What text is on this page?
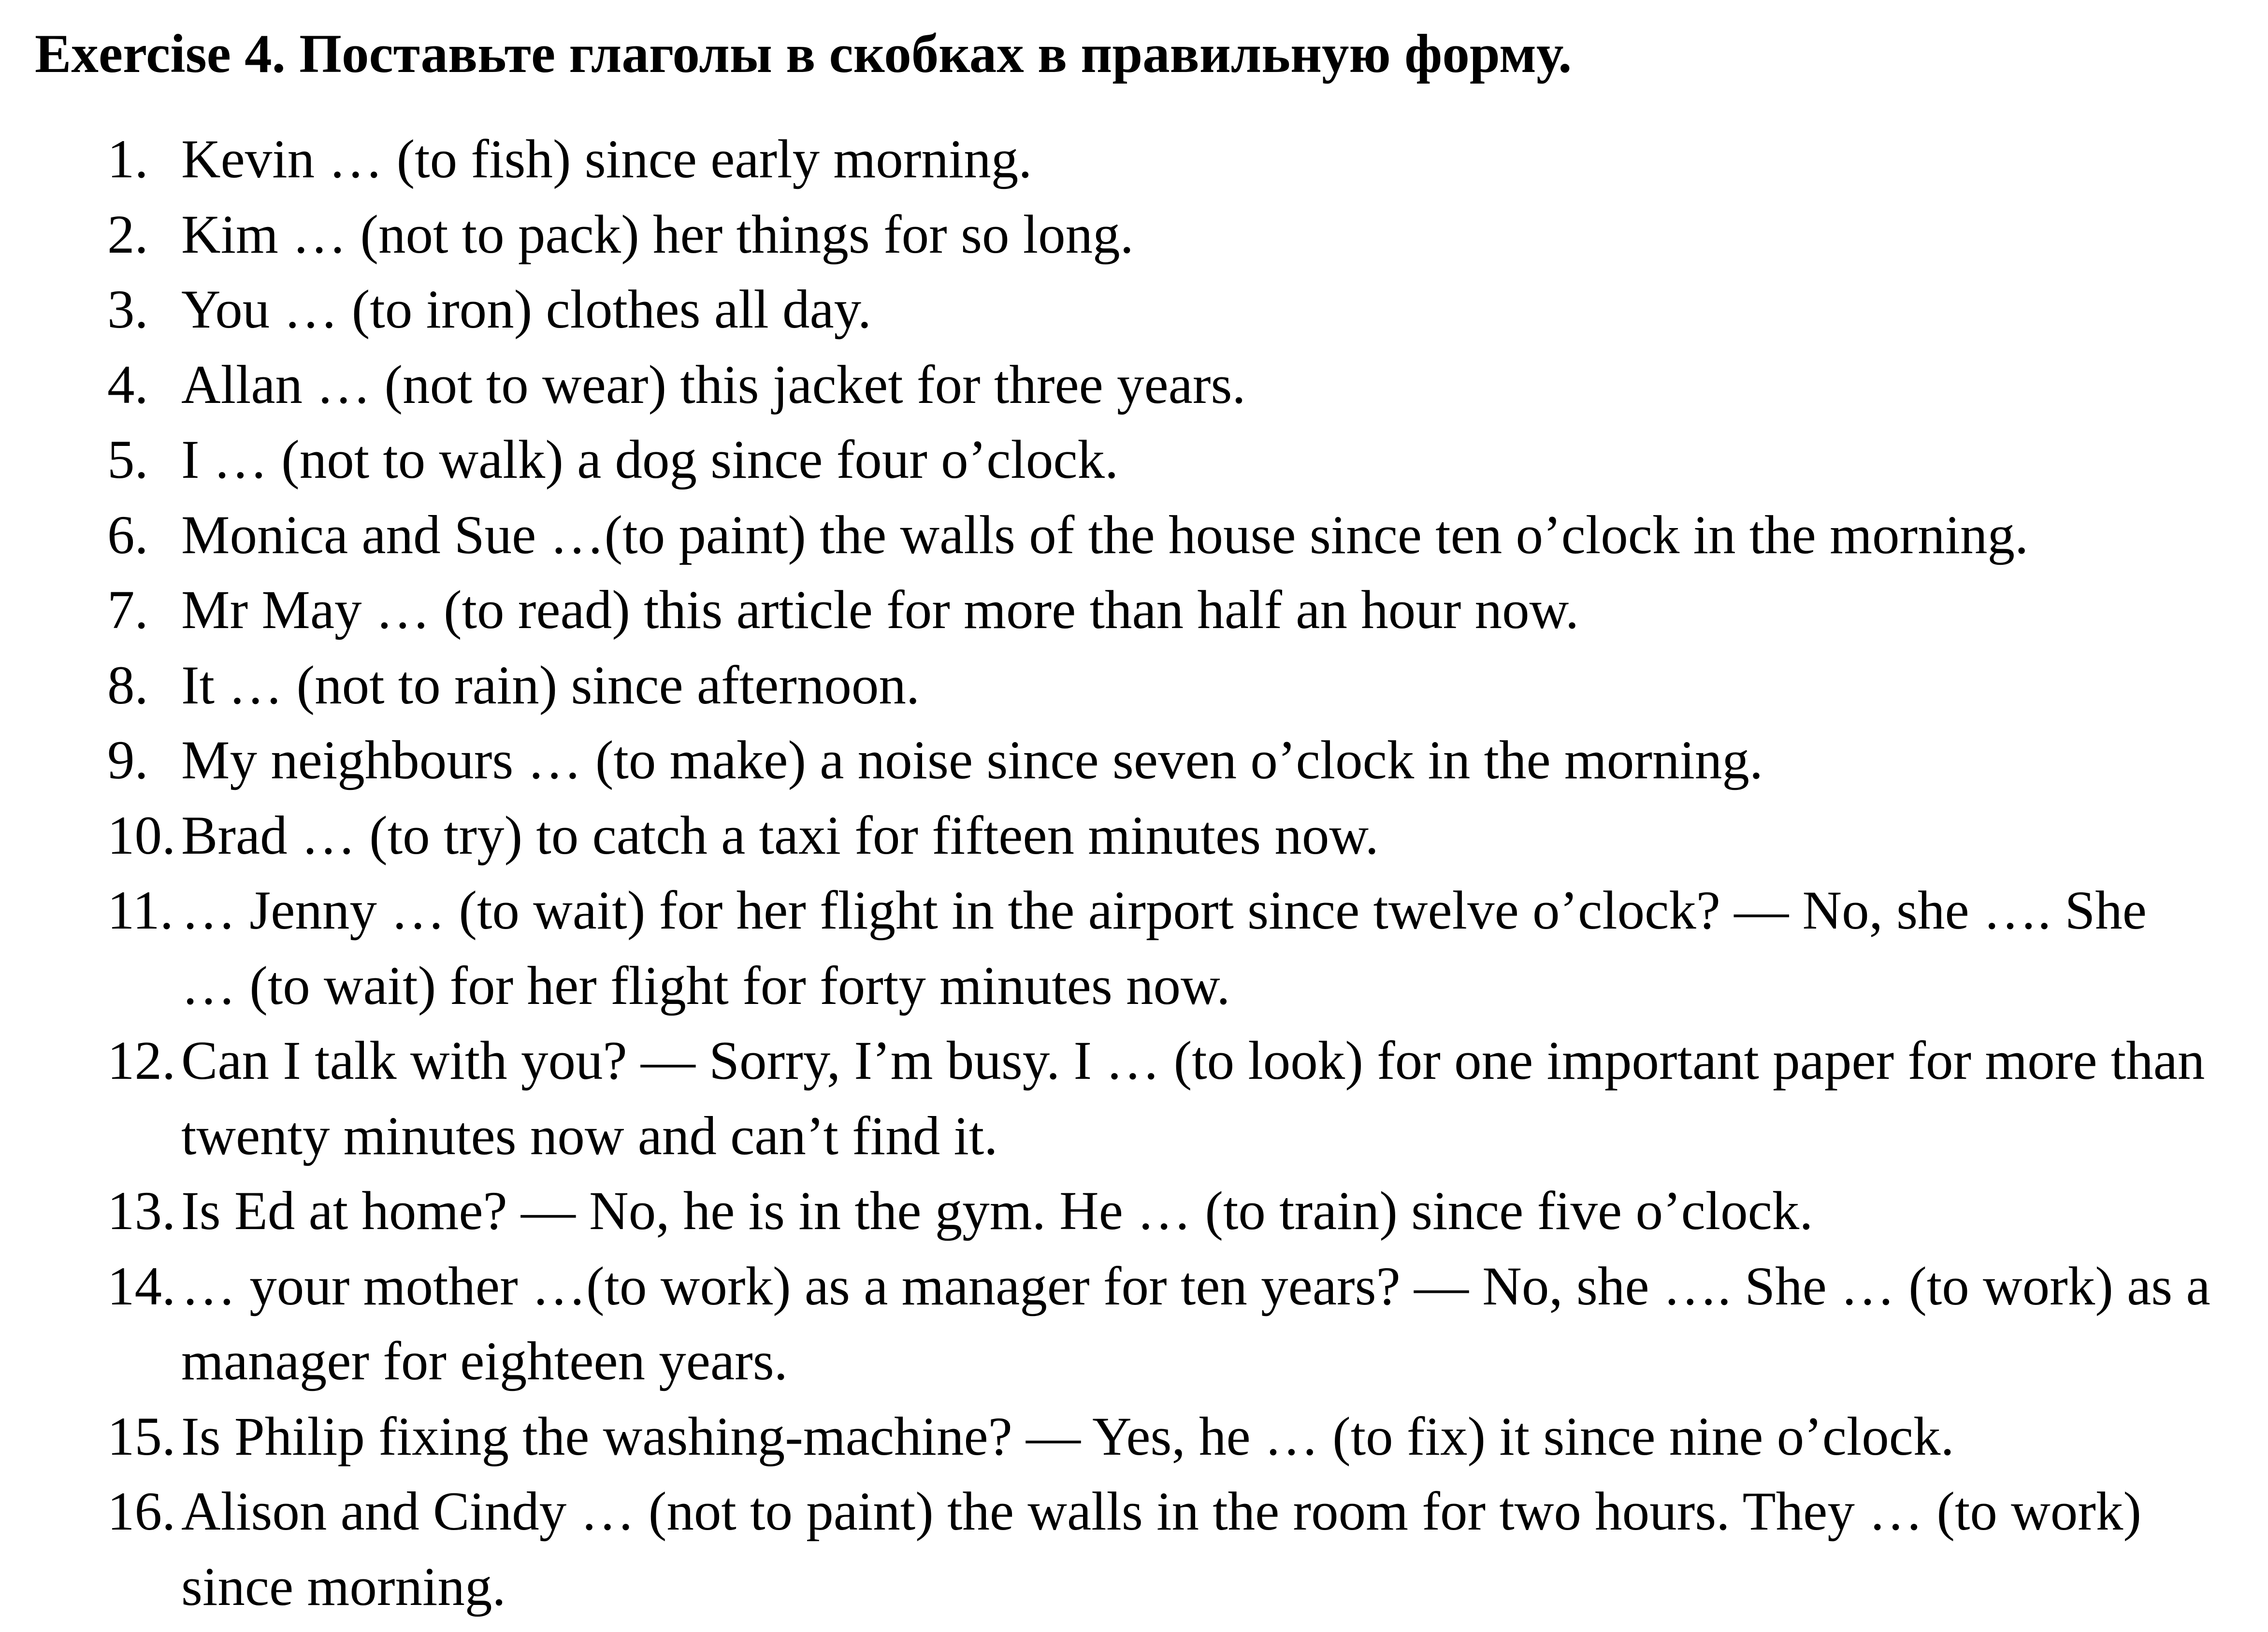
Exercise 4. Поставьте глаголы в скобках в правильную форму.
1. Kevin … (to fish) since early morning.
2. Kim … (not to pack) her things for so long.
3. You … (to iron) clothes all day.
4. Allan … (not to wear) this jacket for three years.
5. I … (not to walk) a dog since four o’clock.
6. Monica and Sue …(to paint) the walls of the house since ten o’clock in the morning.
7. Mr May … (to read) this article for more than half an hour now.
8. It … (not to rain) since afternoon.
9. My neighbours … (to make) a noise since seven o’clock in the morning.
10. Brad … (to try) to catch a taxi for fifteen minutes now.
11. … Jenny … (to wait) for her flight in the airport since twelve o’clock? — No, she …. She … (to wait) for her flight for forty minutes now.
12. Can I talk with you? — Sorry, I’m busy. I … (to look) for one important paper for more than twenty minutes now and can’t find it.
13. Is Ed at home? — No, he is in the gym. He … (to train) since five o’clock.
14. … your mother …(to work) as a manager for ten years? — No, she …. She … (to work) as a manager for eighteen years.
15. Is Philip fixing the washing-machine? — Yes, he … (to fix) it since nine o’clock.
16. Alison and Cindy … (not to paint) the walls in the room for two hours. They … (to work) since morning.
